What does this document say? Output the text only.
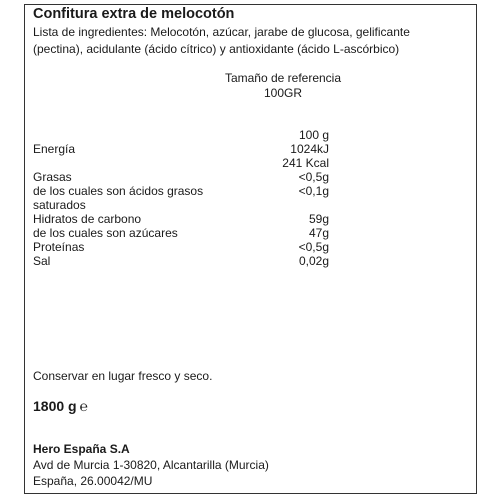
Confitura extra de melocotón
Lista de ingredientes: Melocotón, azúcar, jarabe de glucosa, gelificante
(pectina), acidulante (ácido cítrico) y antioxidante (ácido L-ascórbico)
Tamaño de referencia
100GR
100 g
Energía	1024kJ
241 Kcal
Grasas	<0,5g
de los cuales son ácidos grasos	<0,1g
saturados
Hidratos de carbono	59g
de los cuales son azúcares	47g
Proteínas	<0,5g
Sal	0,02g
Conservar en lugar fresco y seco.
1800 g ℮
Hero España S.A
Avd de Murcia 1-30820, Alcantarilla (Murcia)
España, 26.00042/MU
